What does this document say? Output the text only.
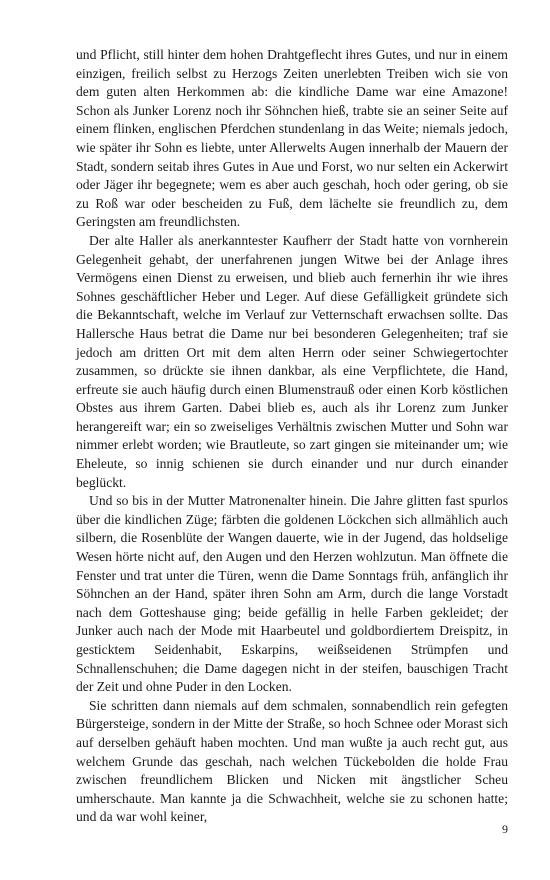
und Pflicht, still hinter dem hohen Drahtgeflecht ihres Gutes, und nur in einem einzigen, freilich selbst zu Herzogs Zeiten unerlebten Treiben wich sie von dem guten alten Herkommen ab: die kindliche Dame war eine Amazone! Schon als Junker Lorenz noch ihr Söhnchen hieß, trabte sie an seiner Seite auf einem flinken, englischen Pferdchen stundenlang in das Weite; niemals jedoch, wie später ihr Sohn es liebte, unter Allerwelts Augen innerhalb der Mauern der Stadt, sondern seitab ihres Gutes in Aue und Forst, wo nur selten ein Ackerwirt oder Jäger ihr begegnete; wem es aber auch geschah, hoch oder gering, ob sie zu Roß war oder bescheiden zu Fuß, dem lächelte sie freundlich zu, dem Geringsten am freundlichsten.

Der alte Haller als anerkanntester Kaufherr der Stadt hatte von vornherein Gelegenheit gehabt, der unerfahrenen jungen Witwe bei der Anlage ihres Vermögens einen Dienst zu erweisen, und blieb auch fernerhin ihr wie ihres Sohnes geschäftlicher Heber und Leger. Auf diese Gefälligkeit gründete sich die Bekanntschaft, welche im Verlauf zur Vetternschaft erwachsen sollte. Das Hallersche Haus betrat die Dame nur bei besonderen Gelegenheiten; traf sie jedoch am dritten Ort mit dem alten Herrn oder seiner Schwiegertochter zusammen, so drückte sie ihnen dankbar, als eine Verpflichtete, die Hand, erfreute sie auch häufig durch einen Blumenstrauß oder einen Korb köstlichen Obstes aus ihrem Garten. Dabei blieb es, auch als ihr Lorenz zum Junker herangereift war; ein so zweiseliges Verhältnis zwischen Mutter und Sohn war nimmer erlebt worden; wie Brautleute, so zart gingen sie miteinander um; wie Eheleute, so innig schienen sie durch einander und nur durch einander beglückt.

Und so bis in der Mutter Matronenalter hinein. Die Jahre glitten fast spurlos über die kindlichen Züge; färbten die goldenen Löckchen sich allmählich auch silbern, die Rosenblüte der Wangen dauerte, wie in der Jugend, das holdselige Wesen hörte nicht auf, den Augen und den Herzen wohlzutun. Man öffnete die Fenster und trat unter die Türen, wenn die Dame Sonntags früh, anfänglich ihr Söhnchen an der Hand, später ihren Sohn am Arm, durch die lange Vorstadt nach dem Gotteshause ging; beide gefällig in helle Farben gekleidet; der Junker auch nach der Mode mit Haarbeutel und goldbordiertem Dreispitz, in gesticktem Seidenhabit, Eskarpins, weißseidenen Strümpfen und Schnallenschuhen; die Dame dagegen nicht in der steifen, bauschigen Tracht der Zeit und ohne Puder in den Locken.

Sie schritten dann niemals auf dem schmalen, sonnabendlich rein gefegten Bürgersteige, sondern in der Mitte der Straße, so hoch Schnee oder Morast sich auf derselben gehäuft haben mochten. Und man wußte ja auch recht gut, aus welchem Grunde das geschah, nach welchen Tückebolden die holde Frau zwischen freundlichem Blicken und Nicken mit ängstlicher Scheu umherschaute. Man kannte ja die Schwachheit, welche sie zu schonen hatte; und da war wohl keiner,

9
